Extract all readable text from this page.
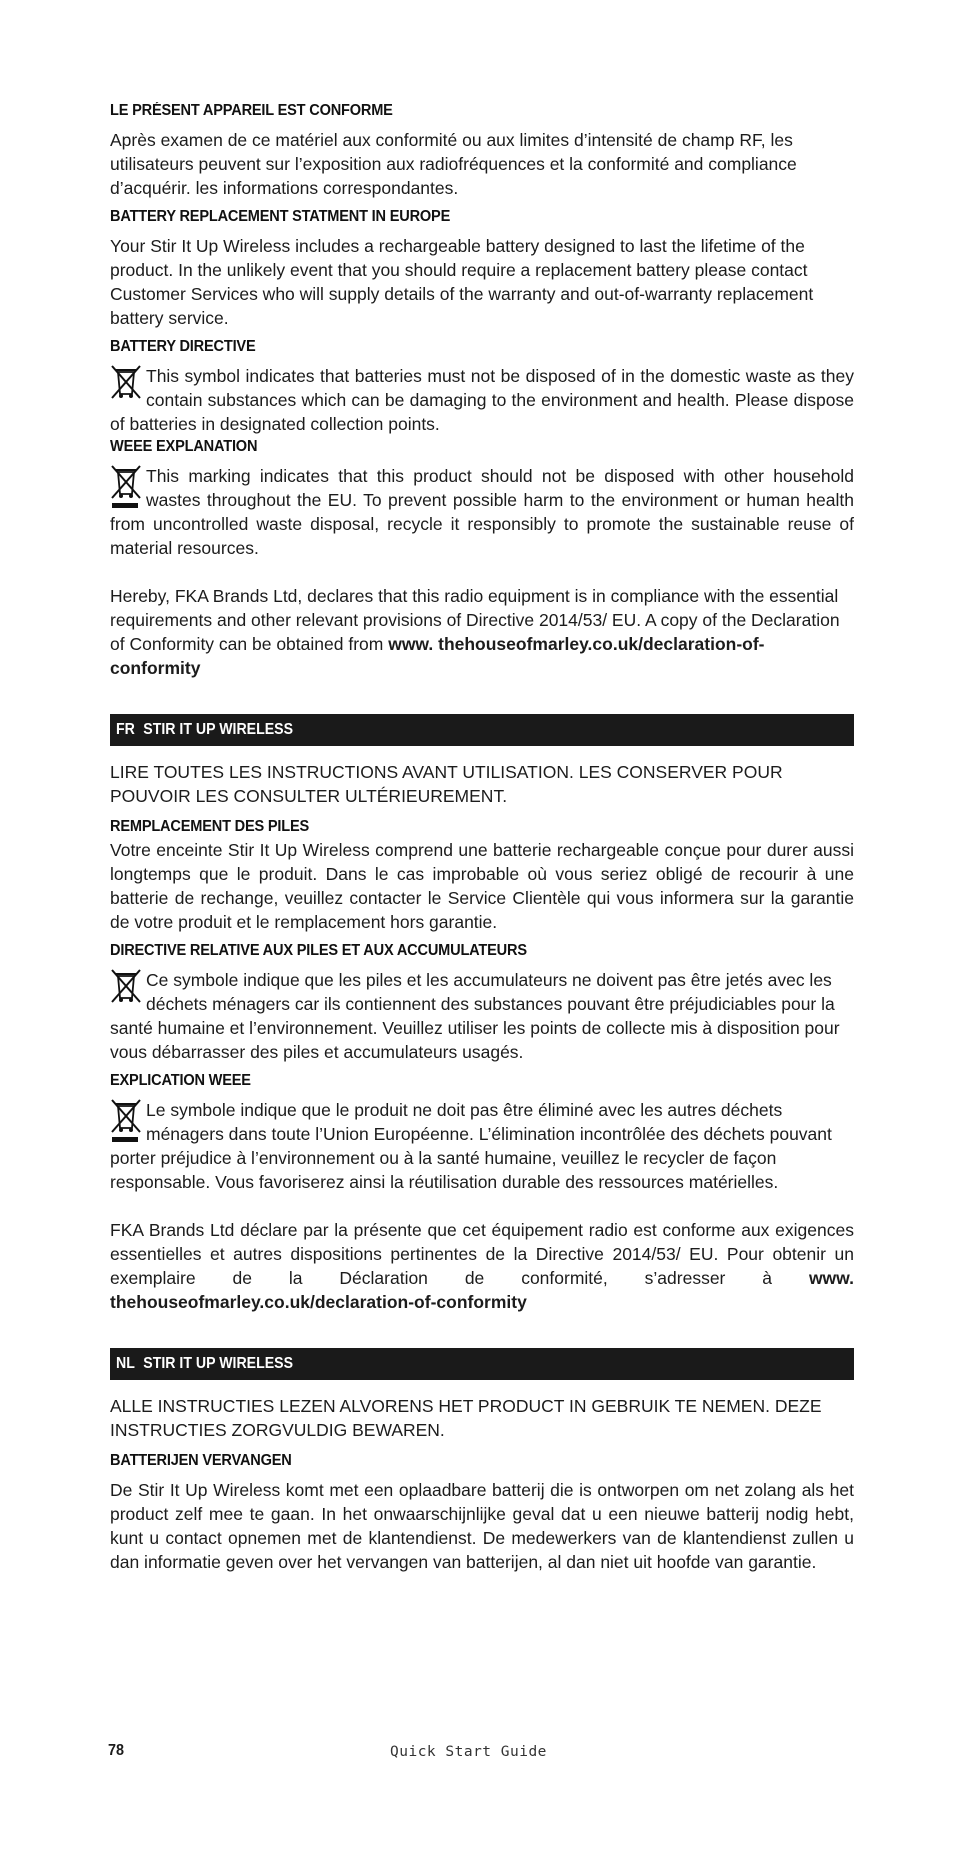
LE PRÉSENT APPAREIL EST CONFORME

Après examen de ce matériel aux conformité ou aux limites d’intensité de champ RF, les utilisateurs peuvent sur l’exposition aux radiofréquences et la conformité and compliance d’acquérir. les informations correspondantes.

BATTERY REPLACEMENT STATMENT IN EUROPE

Your Stir It Up Wireless includes a rechargeable battery designed to last the lifetime of the product. In the unlikely event that you should require a replacement battery please contact Customer Services who will supply details of the warranty and out-of-warranty replacement battery service.

BATTERY DIRECTIVE

This symbol indicates that batteries must not be disposed of in the domestic waste as they contain substances which can be damaging to the environment and health. Please dispose of batteries in designated collection points.

WEEE EXPLANATION

This marking indicates that this product should not be disposed with other household wastes throughout the EU. To prevent possible harm to the environment or human health from uncontrolled waste disposal, recycle it responsibly to promote the sustainable reuse of material resources.

Hereby, FKA Brands Ltd, declares that this radio equipment is in compliance with the essential requirements and other relevant provisions of Directive 2014/53/ EU. A copy of the Declaration of Conformity can be obtained from www. thehouseofmarley.co.uk/declaration-of-conformity

FR STIR IT UP WIRELESS

LIRE TOUTES LES INSTRUCTIONS AVANT UTILISATION. LES CONSERVER POUR POUVOIR LES CONSULTER ULTÉRIEUREMENT.

REMPLACEMENT DES PILES

Votre enceinte Stir It Up Wireless comprend une batterie rechargeable conçue pour durer aussi longtemps que le produit. Dans le cas improbable où vous seriez obligé de recourir à une batterie de rechange, veuillez contacter le Service Clientèle qui vous informera sur la garantie de votre produit et le remplacement hors garantie.

DIRECTIVE RELATIVE AUX PILES ET AUX ACCUMULATEURS

Ce symbole indique que les piles et les accumulateurs ne doivent pas être jetés avec les déchets ménagers car ils contiennent des substances pouvant être préjudiciables pour la santé humaine et l’environnement. Veuillez utiliser les points de collecte mis à disposition pour vous débarrasser des piles et accumulateurs usagés.

EXPLICATION WEEE

Le symbole indique que le produit ne doit pas être éliminé avec les autres déchets ménagers dans toute l’Union Européenne. L’élimination incontrôlée des déchets pouvant porter préjudice à l’environnement ou à la santé humaine, veuillez le recycler de façon responsable. Vous favoriserez ainsi la réutilisation durable des ressources matérielles.

FKA Brands Ltd déclare par la présente que cet équipement radio est conforme aux exigences essentielles et autres dispositions pertinentes de la Directive 2014/53/ EU. Pour obtenir un exemplaire de la Déclaration de conformité, s’adresser à www. thehouseofmarley.co.uk/declaration-of-conformity

NL STIR IT UP WIRELESS

ALLE INSTRUCTIES LEZEN ALVORENS HET PRODUCT IN GEBRUIK TE NEMEN. DEZE INSTRUCTIES ZORGVULDIG BEWAREN.

BATTERIJEN VERVANGEN

De Stir It Up Wireless komt met een oplaadbare batterij die is ontworpen om net zolang als het product zelf mee te gaan. In het onwaarschijnlijke geval dat u een nieuwe batterij nodig hebt, kunt u contact opnemen met de klantendienst. De medewerkers van de klantendienst zullen u dan informatie geven over het vervangen van batterijen, al dan niet uit hoofde van garantie.

78	Quick Start Guide
